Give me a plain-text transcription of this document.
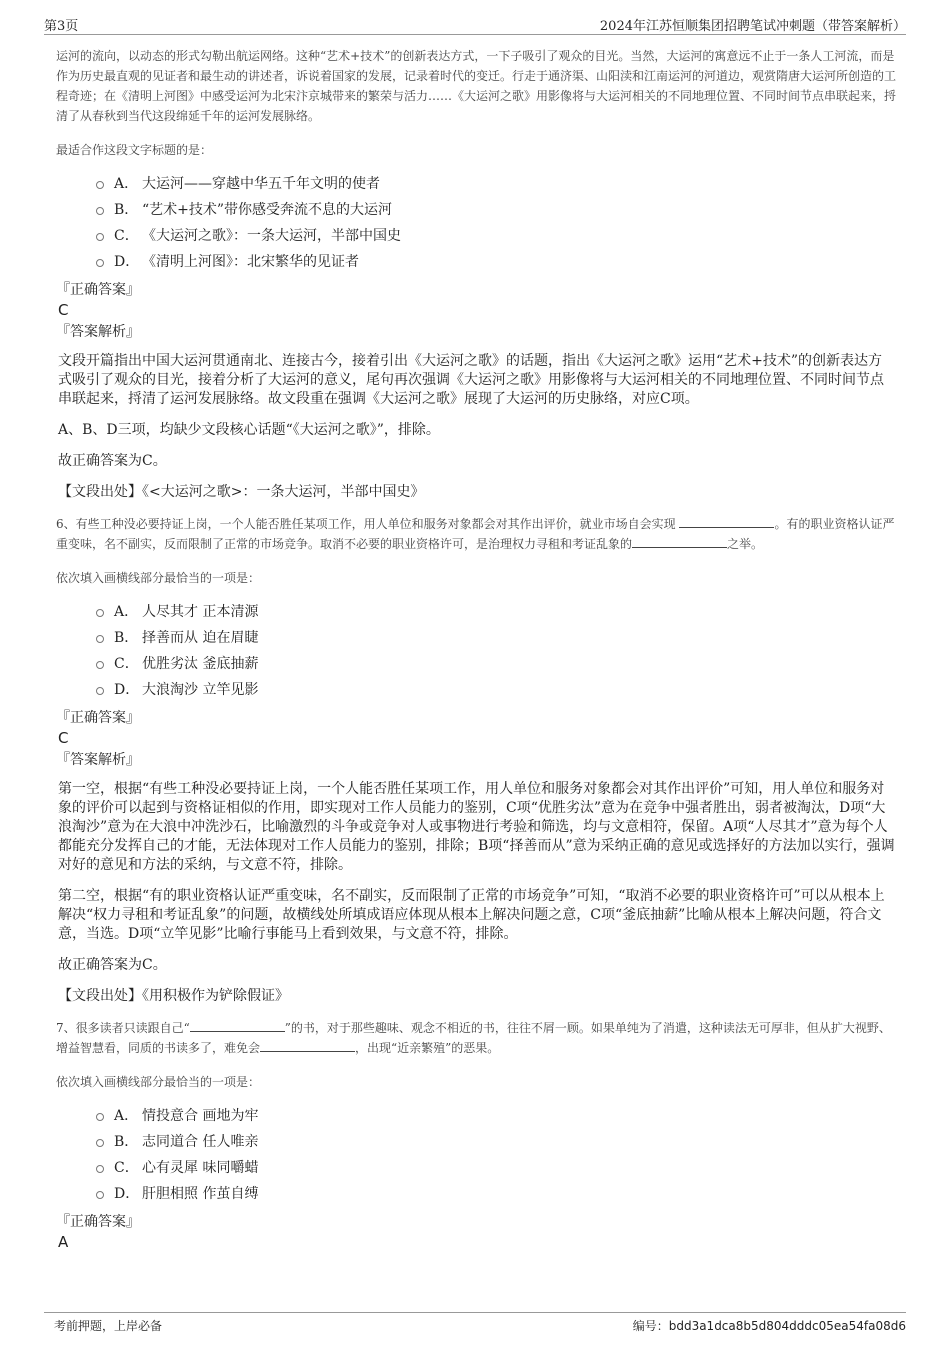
第3页	2024年江苏恒顺集团招聘笔试冲刺题（带答案解析）

运河的流向，以动态的形式勾勒出航运网络。这种“艺术+技术”的创新表达方式，一下子吸引了观众的目光。当然，大运河的寓意远不止于一条人工河流，而是作为历史最直观的见证者和最生动的讲述者，诉说着国家的发展，记录着时代的变迁。行走于通济渠、山阳渎和江南运河的河道边，观赏隋唐大运河所创造的工程奇迹；在《清明上河图》中感受运河为北宋汴京城带来的繁荣与活力……《大运河之歌》用影像将与大运河相关的不同地理位置、不同时间节点串联起来，捋清了从春秋到当代这段绵延千年的运河发展脉络。

最适合作这段文字标题的是：

A． 大运河——穿越中华五千年文明的使者
B． “艺术+技术”带你感受奔流不息的大运河
C． 《大运河之歌》：一条大运河，半部中国史
D． 《清明上河图》：北宋繁华的见证者

『正确答案』

C

『答案解析』

文段开篇指出中国大运河贯通南北、连接古今，接着引出《大运河之歌》的话题，指出《大运河之歌》运用“艺术+技术”的创新表达方式吸引了观众的目光，接着分析了大运河的意义，尾句再次强调《大运河之歌》用影像将与大运河相关的不同地理位置、不同时间节点串联起来，捋清了运河发展脉络。故文段重在强调《大运河之歌》展现了大运河的历史脉络，对应C项。

A、B、D三项，均缺少文段核心话题“《大运河之歌》”，排除。

故正确答案为C。

【文段出处】《<大运河之歌>：一条大运河，半部中国史》

6、有些工种没必要持证上岗，一个人能否胜任某项工作，用人单位和服务对象都会对其作出评价，就业市场自会实现	。有的职业资格认证严重变味，名不副实，反而限制了正常的市场竞争。取消不必要的职业资格许可，是治理权力寻租和考证乱象的	之举。

依次填入画横线部分最恰当的一项是：

A． 人尽其才 正本清源
B． 择善而从 迫在眉睫
C． 优胜劣汰 釜底抽薪
D． 大浪淘沙 立竿见影

『正确答案』

C

『答案解析』

第一空，根据“有些工种没必要持证上岗，一个人能否胜任某项工作，用人单位和服务对象都会对其作出评价”可知，用人单位和服务对象的评价可以起到与资格证相似的作用，即实现对工作人员能力的鉴别，C项“优胜劣汰”意为在竞争中强者胜出，弱者被淘汰，D项“大浪淘沙”意为在大浪中冲洗沙石，比喻激烈的斗争或竞争对人或事物进行考验和筛选，均与文意相符，保留。A项“人尽其才”意为每个人都能充分发挥自己的才能，无法体现对工作人员能力的鉴别，排除；B项“择善而从”意为采纳正确的意见或选择好的方法加以实行，强调对好的意见和方法的采纳，与文意不符，排除。

第二空，根据“有的职业资格认证严重变味，名不副实，反而限制了正常的市场竞争”可知，“取消不必要的职业资格许可”可以从根本上解决“权力寻租和考证乱象”的问题，故横线处所填成语应体现从根本上解决问题之意，C项“釜底抽薪”比喻从根本上解决问题，符合文意，当选。D项“立竿见影”比喻行事能马上看到效果，与文意不符，排除。

故正确答案为C。

【文段出处】《用积极作为铲除假证》

7、很多读者只读跟自己“	”的书，对于那些趣味、观念不相近的书，往往不屑一顾。如果单纯为了消遣，这种读法无可厚非，但从扩大视野、增益智慧看，同质的书读多了，难免会	，出现“近亲繁殖”的恶果。

依次填入画横线部分最恰当的一项是：

A． 情投意合 画地为牢
B． 志同道合 任人唯亲
C． 心有灵犀 味同嚼蜡
D． 肝胆相照 作茧自缚

『正确答案』

A

考前押题，上岸必备	编号：bdd3a1dca8b5d804dddc05ea54fa08d6
